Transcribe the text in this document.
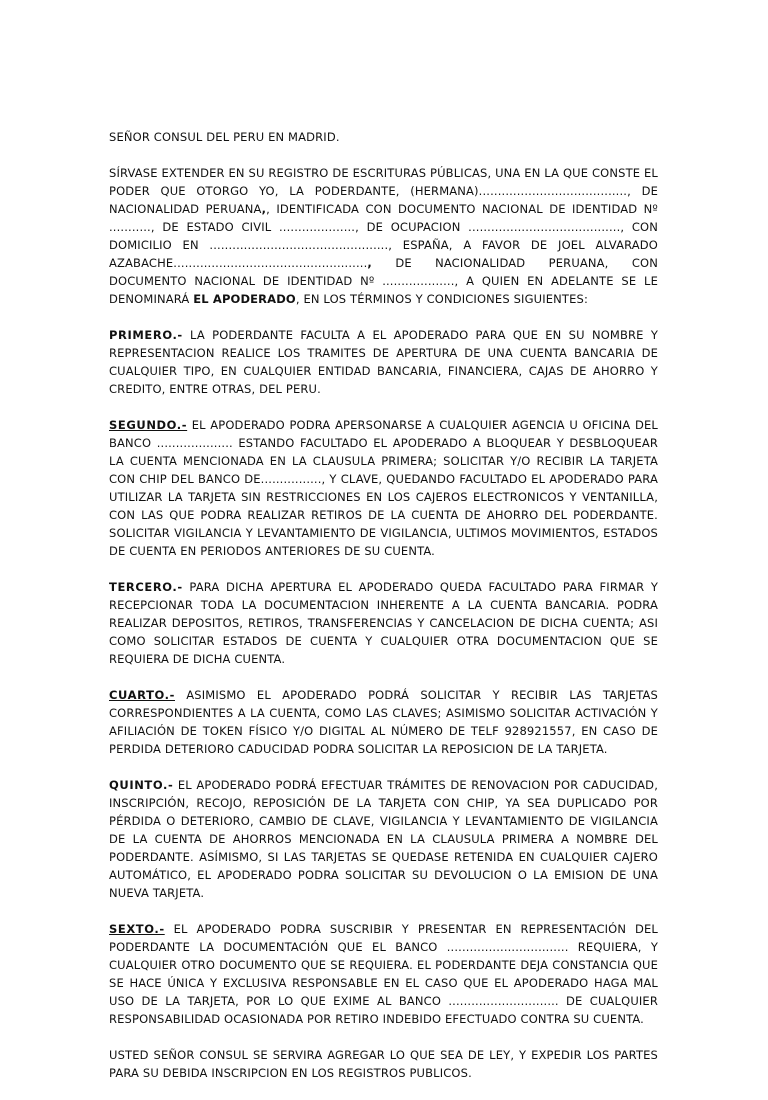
SEÑOR CONSUL DEL PERU EN MADRID.

SÍRVASE EXTENDER EN SU REGISTRO DE ESCRITURAS PÚBLICAS, UNA EN LA QUE CONSTE EL PODER QUE OTORGO YO, LA PODERDANTE, (HERMANA)......................................., DE NACIONALIDAD PERUANA,, IDENTIFICADA CON DOCUMENTO NACIONAL DE IDENTIDAD Nº ..........., DE ESTADO CIVIL ...................., DE OCUPACION ........................................, CON DOMICILIO EN ..............................................., ESPAÑA, A FAVOR DE JOEL ALVARADO AZABACHE..................................................., DE NACIONALIDAD PERUANA, CON DOCUMENTO NACIONAL DE IDENTIDAD Nº ..................., A QUIEN EN ADELANTE SE LE DENOMINARÁ EL APODERADO, EN LOS TÉRMINOS Y CONDICIONES SIGUIENTES:

PRIMERO.- LA PODERDANTE FACULTA A EL APODERADO PARA QUE EN SU NOMBRE Y REPRESENTACION REALICE LOS TRAMITES DE APERTURA DE UNA CUENTA BANCARIA DE CUALQUIER TIPO, EN CUALQUIER ENTIDAD BANCARIA, FINANCIERA, CAJAS DE AHORRO Y CREDITO, ENTRE OTRAS, DEL PERU.

SEGUNDO.- EL APODERADO PODRA APERSONARSE A CUALQUIER AGENCIA U OFICINA DEL BANCO .................... ESTANDO FACULTADO EL APODERADO A BLOQUEAR Y DESBLOQUEAR LA CUENTA MENCIONADA EN LA CLAUSULA PRIMERA; SOLICITAR Y/O RECIBIR LA TARJETA CON CHIP DEL BANCO DE................, Y CLAVE, QUEDANDO FACULTADO EL APODERADO PARA UTILIZAR LA TARJETA SIN RESTRICCIONES EN LOS CAJEROS ELECTRONICOS Y VENTANILLA, CON LAS QUE PODRA REALIZAR RETIROS DE LA CUENTA DE AHORRO DEL PODERDANTE. SOLICITAR VIGILANCIA Y LEVANTAMIENTO DE VIGILANCIA, ULTIMOS MOVIMIENTOS, ESTADOS DE CUENTA EN PERIODOS ANTERIORES DE SU CUENTA.

TERCERO.- PARA DICHA APERTURA EL APODERADO QUEDA FACULTADO PARA FIRMAR Y RECEPCIONAR TODA LA DOCUMENTACION INHERENTE A LA CUENTA BANCARIA. PODRA REALIZAR DEPOSITOS, RETIROS, TRANSFERENCIAS Y CANCELACION DE DICHA CUENTA; ASI COMO SOLICITAR ESTADOS DE CUENTA Y CUALQUIER OTRA DOCUMENTACION QUE SE REQUIERA DE DICHA CUENTA.

CUARTO.- ASIMISMO EL APODERADO PODRÁ SOLICITAR Y RECIBIR LAS TARJETAS CORRESPONDIENTES A LA CUENTA, COMO LAS CLAVES; ASIMISMO SOLICITAR ACTIVACIÓN Y AFILIACIÓN DE TOKEN FÍSICO Y/O DIGITAL AL NÚMERO DE TELF 928921557, EN CASO DE PERDIDA DETERIORO CADUCIDAD PODRA SOLICITAR LA REPOSICION DE LA TARJETA.

QUINTO.- EL APODERADO PODRÁ EFECTUAR TRÁMITES DE RENOVACION POR CADUCIDAD, INSCRIPCIÓN, RECOJO, REPOSICIÓN DE LA TARJETA CON CHIP, YA SEA DUPLICADO POR PÉRDIDA O DETERIORO, CAMBIO DE CLAVE, VIGILANCIA Y LEVANTAMIENTO DE VIGILANCIA DE LA CUENTA DE AHORROS MENCIONADA EN LA CLAUSULA PRIMERA A NOMBRE DEL PODERDANTE. ASÍMISMO, SI LAS TARJETAS SE QUEDASE RETENIDA EN CUALQUIER CAJERO AUTOMÁTICO, EL APODERADO PODRA SOLICITAR SU DEVOLUCION O LA EMISION DE UNA NUEVA TARJETA.

SEXTO.- EL APODERADO PODRA SUSCRIBIR Y PRESENTAR EN REPRESENTACIÓN DEL PODERDANTE LA DOCUMENTACIÓN QUE EL BANCO ................................ REQUIERA, Y CUALQUIER OTRO DOCUMENTO QUE SE REQUIERA. EL PODERDANTE DEJA CONSTANCIA QUE SE HACE ÚNICA Y EXCLUSIVA RESPONSABLE EN EL CASO QUE EL APODERADO HAGA MAL USO DE LA TARJETA, POR LO QUE EXIME AL BANCO ............................. DE CUALQUIER RESPONSABILIDAD OCASIONADA POR RETIRO INDEBIDO EFECTUADO CONTRA SU CUENTA.

USTED SEÑOR CONSUL SE SERVIRA AGREGAR LO QUE SEA DE LEY, Y EXPEDIR LOS PARTES PARA SU DEBIDA INSCRIPCION EN LOS REGISTROS PUBLICOS.
